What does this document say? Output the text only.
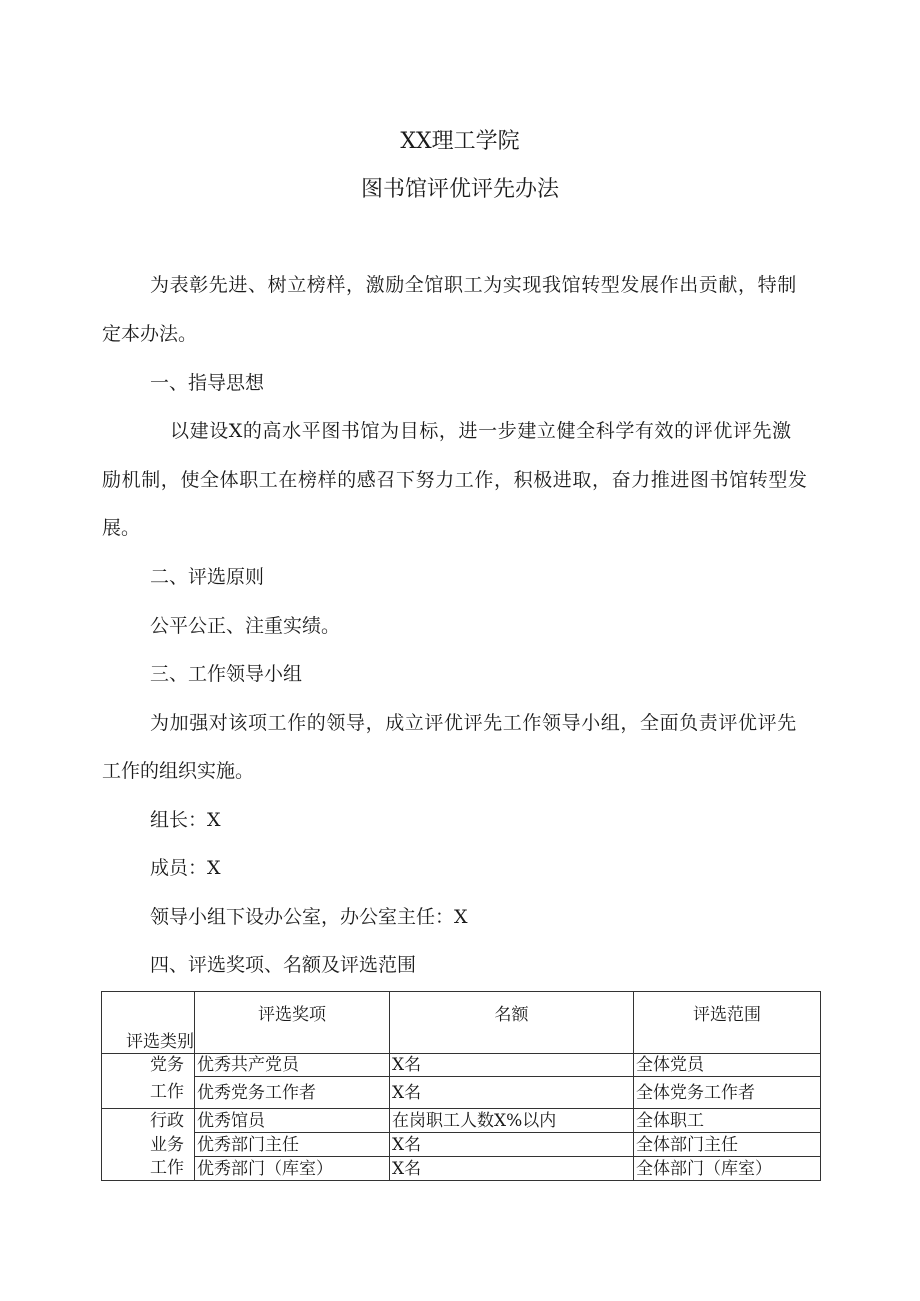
XX理工学院
图书馆评优评先办法
为表彰先进、树立榜样，激励全馆职工为实现我馆转型发展作出贡献，特制
定本办法。
一、指导思想
以建设X的高水平图书馆为目标，进一步建立健全科学有效的评优评先激
励机制，使全体职工在榜样的感召下努力工作，积极进取，奋力推进图书馆转型发
展。
二、评选原则
公平公正、注重实绩。
三、工作领导小组
为加强对该项工作的领导，成立评优评先工作领导小组，全面负责评优评先
工作的组织实施。
组长：X
成员：X
领导小组下设办公室，办公室主任：X
四、评选奖项、名额及评选范围
评选类别	评选奖项	名额	评选范围
党务	优秀共产党员	X名	全体党员
工作	优秀党务工作者	X名	全体党务工作者
行政	优秀馆员	在岗职工人数X%以内	全体职工
业务	优秀部门主任	X名	全体部门主任
工作	优秀部门（库室）	X名	全体部门（库室）
